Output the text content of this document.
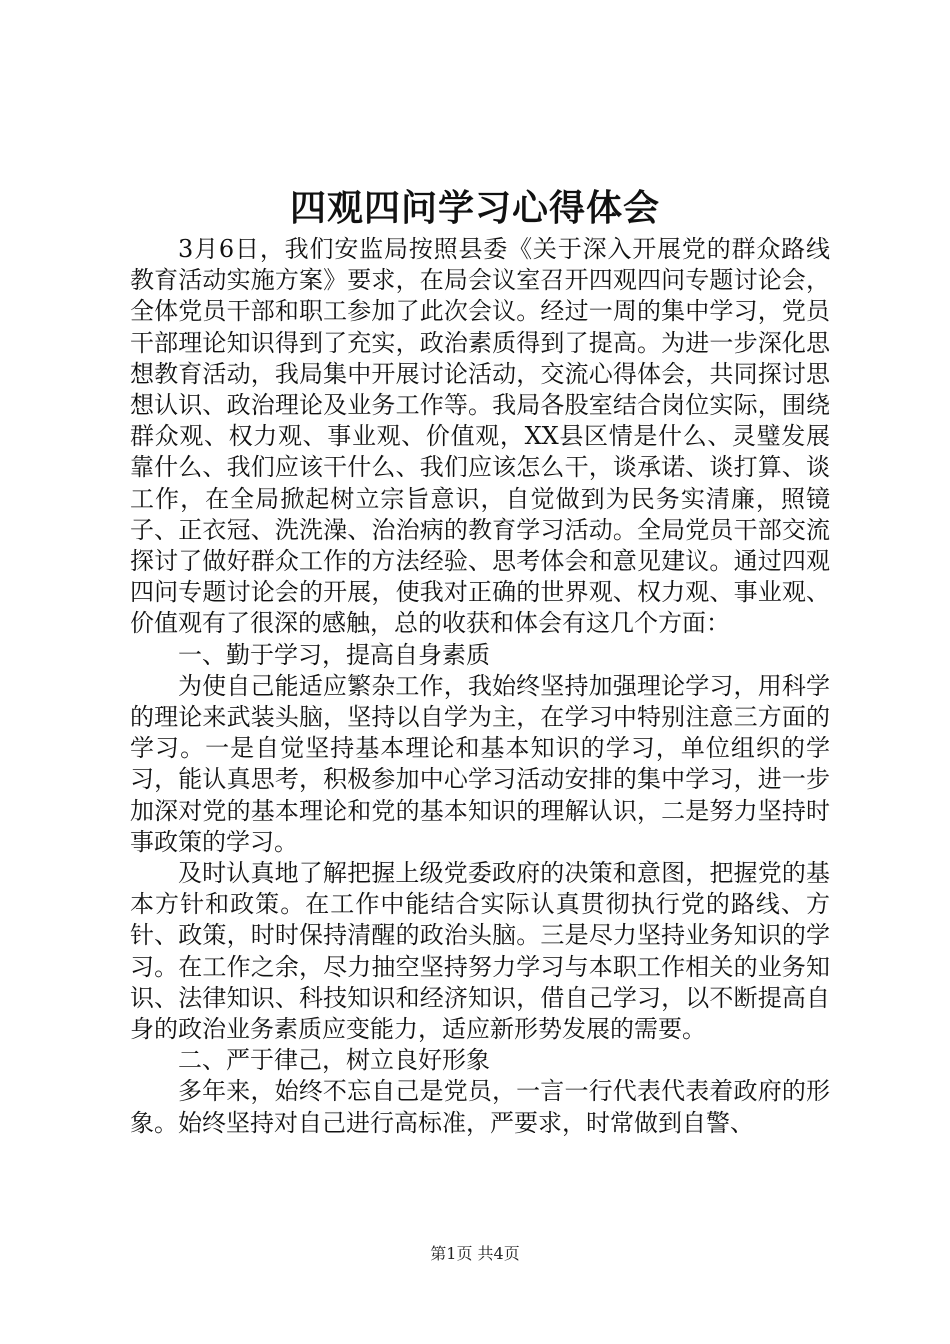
四观四问学习心得体会

3月6日，我们安监局按照县委《关于深入开展党的群众路线教育活动实施方案》要求，在局会议室召开四观四问专题讨论会，全体党员干部和职工参加了此次会议。经过一周的集中学习，党员干部理论知识得到了充实，政治素质得到了提高。为进一步深化思想教育活动，我局集中开展讨论活动，交流心得体会，共同探讨思想认识、政治理论及业务工作等。我局各股室结合岗位实际，围绕群众观、权力观、事业观、价值观，XX县区情是什么、灵璧发展靠什么、我们应该干什么、我们应该怎么干，谈承诺、谈打算、谈工作，在全局掀起树立宗旨意识，自觉做到为民务实清廉，照镜子、正衣冠、洗洗澡、治治病的教育学习活动。全局党员干部交流探讨了做好群众工作的方法经验、思考体会和意见建议。通过四观四问专题讨论会的开展，使我对正确的世界观、权力观、事业观、价值观有了很深的感触，总的收获和体会有这几个方面：

一、勤于学习，提高自身素质

为使自己能适应繁杂工作，我始终坚持加强理论学习，用科学的理论来武装头脑，坚持以自学为主，在学习中特别注意三方面的学习。一是自觉坚持基本理论和基本知识的学习，单位组织的学习，能认真思考，积极参加中心学习活动安排的集中学习，进一步加深对党的基本理论和党的基本知识的理解认识，二是努力坚持时事政策的学习。

及时认真地了解把握上级党委政府的决策和意图，把握党的基本方针和政策。在工作中能结合实际认真贯彻执行党的路线、方针、政策，时时保持清醒的政治头脑。三是尽力坚持业务知识的学习。在工作之余，尽力抽空坚持努力学习与本职工作相关的业务知识、法律知识、科技知识和经济知识，借自己学习，以不断提高自身的政治业务素质应变能力，适应新形势发展的需要。

二、严于律己，树立良好形象

多年来，始终不忘自己是党员，一言一行代表代表着政府的形象。始终坚持对自己进行高标准，严要求，时常做到自警、

第1页 共4页
